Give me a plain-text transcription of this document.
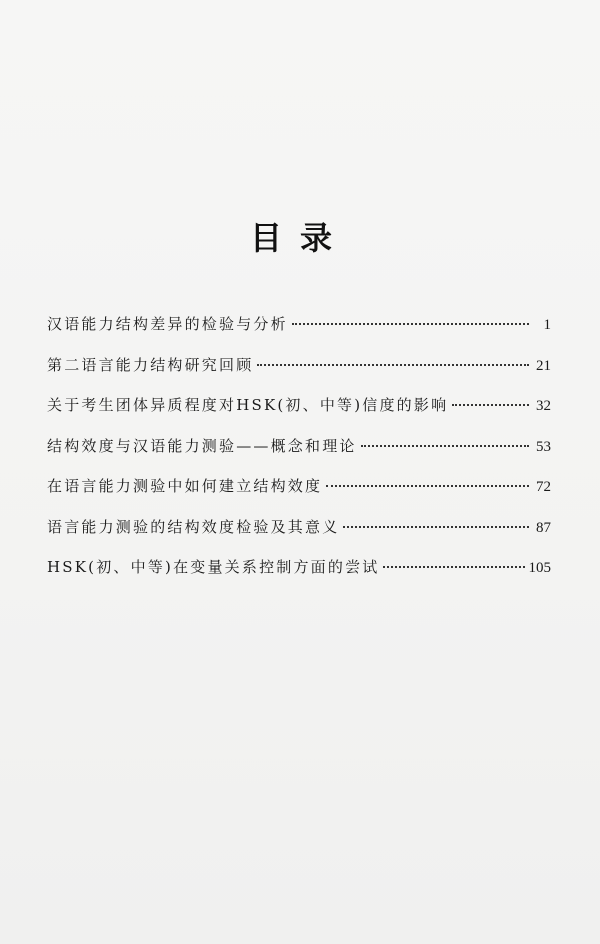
目录
汉语能力结构差异的检验与分析	1
第二语言能力结构研究回顾	21
关于考生团体异质程度对HSK(初、中等)信度的影响	32
结构效度与汉语能力测验——概念和理论	53
在语言能力测验中如何建立结构效度	72
语言能力测验的结构效度检验及其意义	87
HSK(初、中等)在变量关系控制方面的尝试	105
